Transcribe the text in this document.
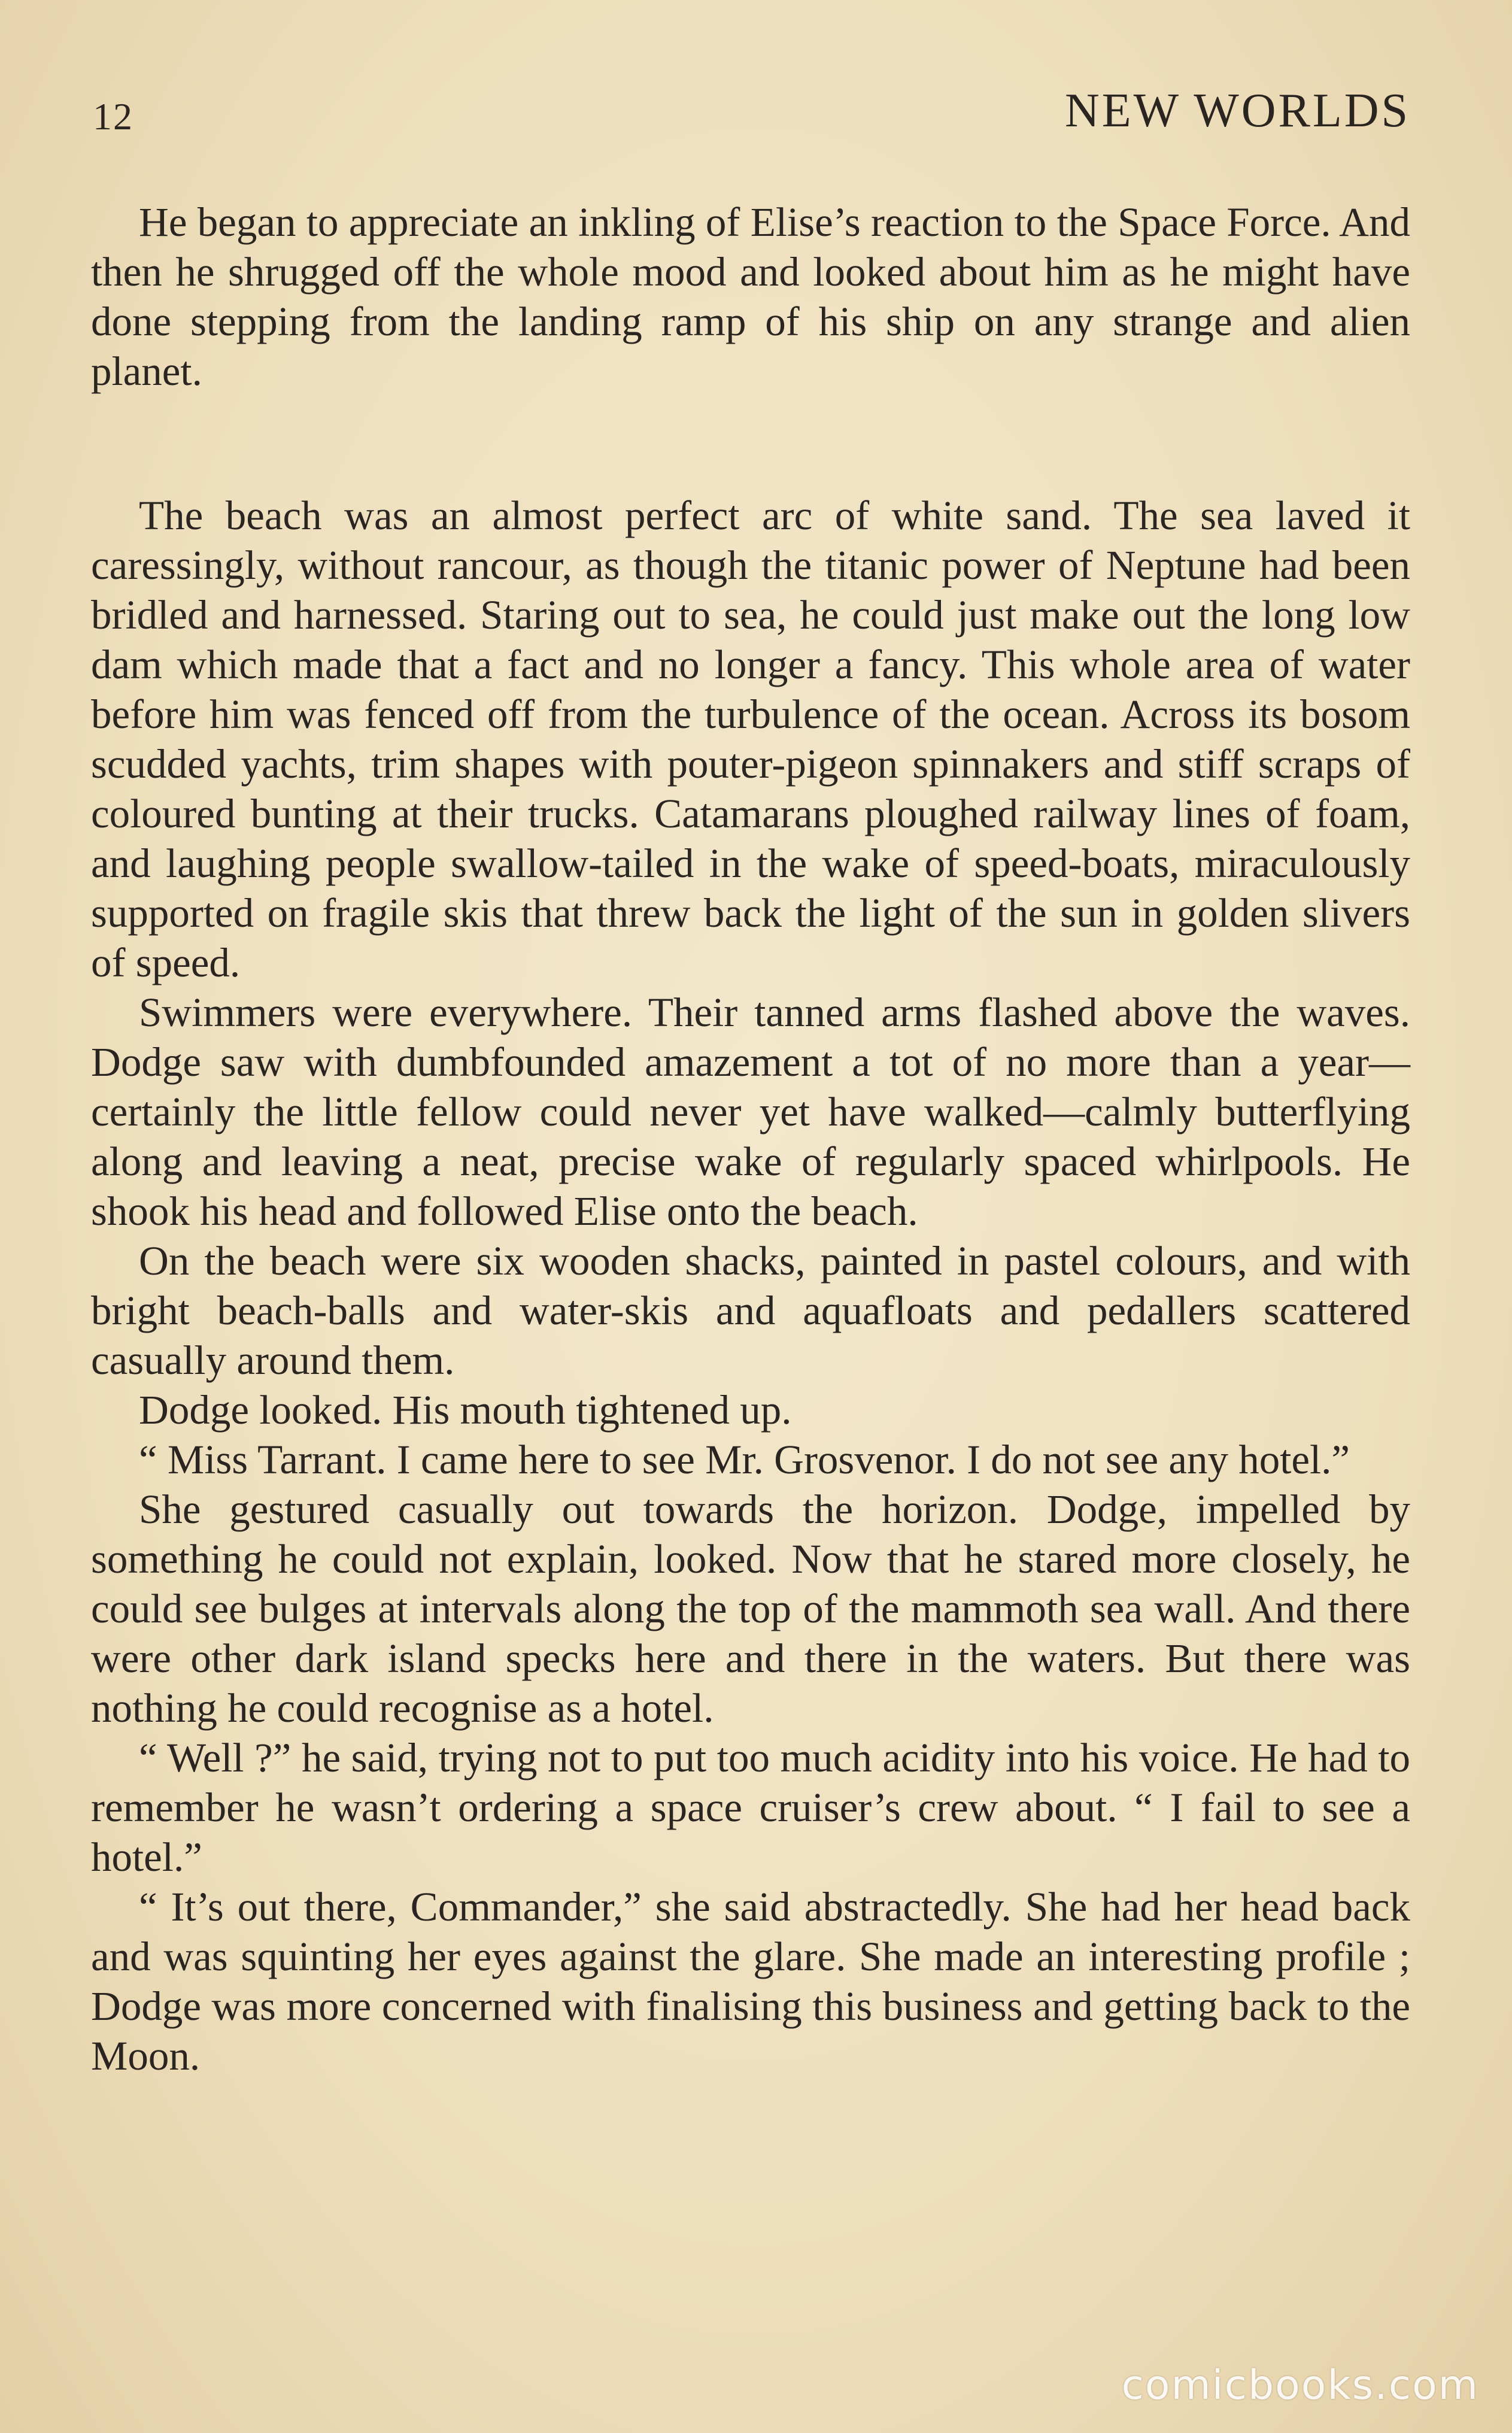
12	NEW WORLDS

He began to appreciate an inkling of Elise’s reaction to the Space Force. And then he shrugged off the whole mood and looked about him as he might have done stepping from the landing ramp of his ship on any strange and alien planet.

The beach was an almost perfect arc of white sand. The sea laved it caressingly, without rancour, as though the titanic power of Neptune had been bridled and harnessed. Staring out to sea, he could just make out the long low dam which made that a fact and no longer a fancy. This whole area of water before him was fenced off from the turbulence of the ocean. Across its bosom scudded yachts, trim shapes with pouter-pigeon spinnakers and stiff scraps of coloured bunting at their trucks. Catamarans ploughed railway lines of foam, and laughing people swallow-tailed in the wake of speed-boats, miraculously supported on fragile skis that threw back the light of the sun in golden slivers of speed.

Swimmers were everywhere. Their tanned arms flashed above the waves. Dodge saw with dumbfounded amazement a tot of no more than a year—certainly the little fellow could never yet have walked—calmly butterflying along and leaving a neat, precise wake of regularly spaced whirlpools. He shook his head and followed Elise onto the beach.

On the beach were six wooden shacks, painted in pastel colours, and with bright beach-balls and water-skis and aquafloats and pedallers scattered casually around them.

Dodge looked. His mouth tightened up.

“ Miss Tarrant. I came here to see Mr. Grosvenor. I do not see any hotel.”

She gestured casually out towards the horizon. Dodge, impelled by something he could not explain, looked. Now that he stared more closely, he could see bulges at intervals along the top of the mammoth sea wall. And there were other dark island specks here and there in the waters. But there was nothing he could recognise as a hotel.

“ Well ?” he said, trying not to put too much acidity into his voice. He had to remember he wasn’t ordering a space cruiser’s crew about. “ I fail to see a hotel.”

“ It’s out there, Commander,” she said abstractedly. She had her head back and was squinting her eyes against the glare. She made an interesting profile ; Dodge was more concerned with finalising this business and getting back to the Moon.

comicbooks.com
